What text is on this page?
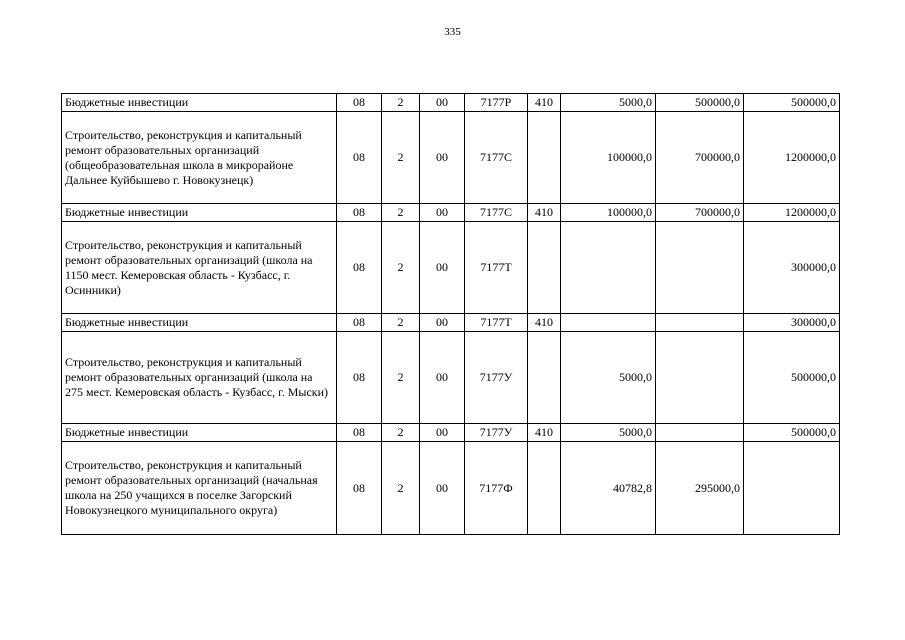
335
Бюджетные инвестиции	08	2	00	7177Р	410	5000,0	500000,0	500000,0
Строительство, реконструкция и капитальный ремонт образовательных организаций (общеобразовательная школа в микрорайоне Дальнее Куйбышево г. Новокузнецк)	08	2	00	7177С		100000,0	700000,0	1200000,0
Бюджетные инвестиции	08	2	00	7177С	410	100000,0	700000,0	1200000,0
Строительство, реконструкция и капитальный ремонт образовательных организаций (школа на 1150 мест. Кемеровская область - Кузбасс, г. Осинники)	08	2	00	7177Т				300000,0
Бюджетные инвестиции	08	2	00	7177Т	410			300000,0
Строительство, реконструкция и капитальный ремонт образовательных организаций (школа на 275 мест. Кемеровская область - Кузбасс, г. Мыски)	08	2	00	7177У		5000,0		500000,0
Бюджетные инвестиции	08	2	00	7177У	410	5000,0		500000,0
Строительство, реконструкция и капитальный ремонт образовательных организаций (начальная школа на 250 учащихся в поселке Загорский Новокузнецкого муниципального округа)	08	2	00	7177Ф		40782,8	295000,0	
